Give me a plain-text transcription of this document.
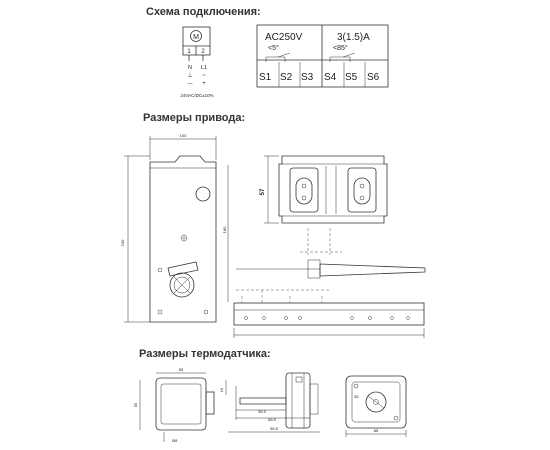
Схема подключения:
Размеры привода:
Размеры термодатчика:
M
1 2
N L1
⊥ ~
— +
24VAC/DC±10%
AC250V	3(1.5)A
<5°	<85°
S1 S2 S3 S4 S5 S6
100
240
180
57
55
55
Ø8
56.5
66.5
96.5
15
85
35
